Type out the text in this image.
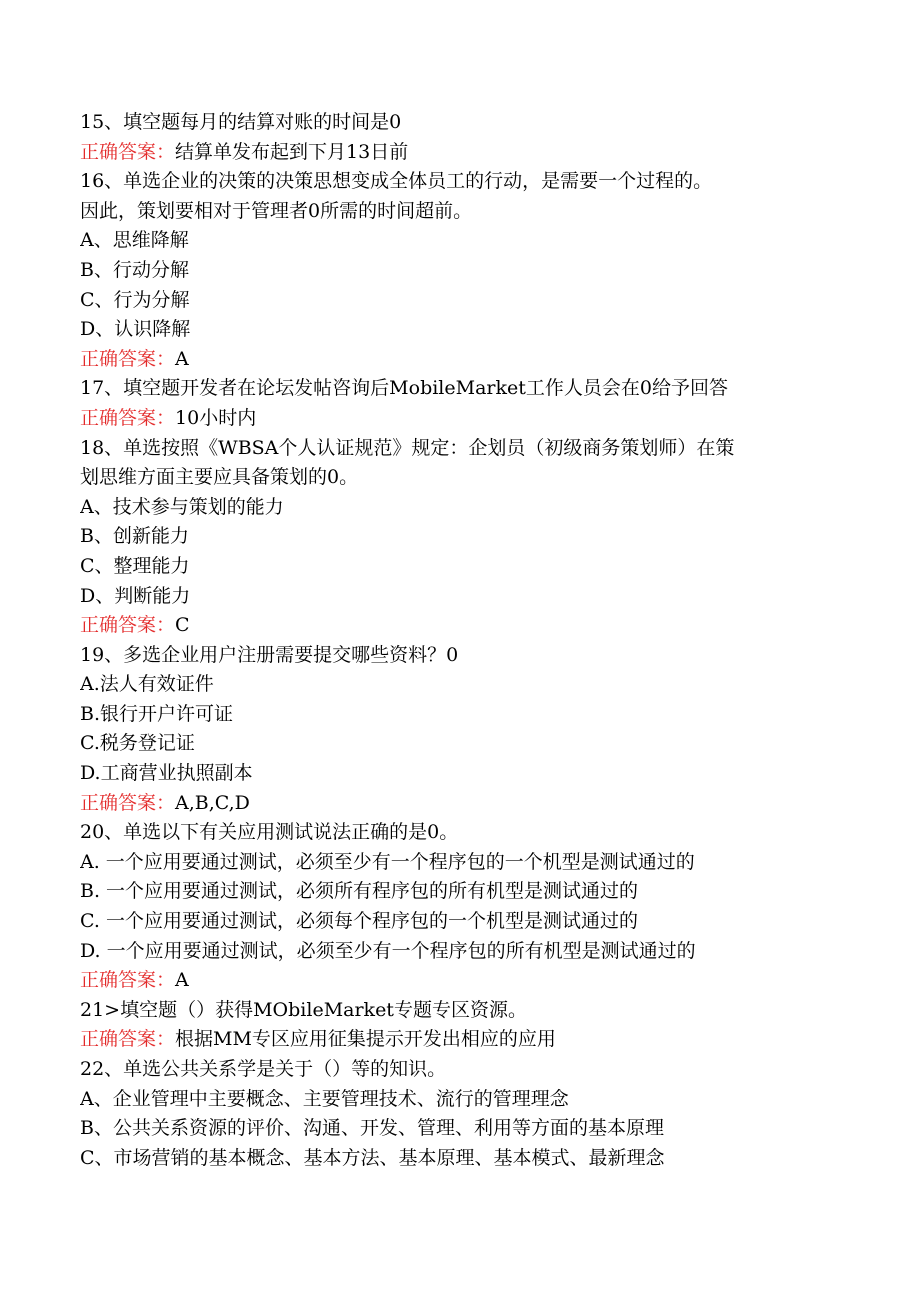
15、填空题每月的结算对账的时间是0
正确答案：结算单发布起到下月13日前
16、单选企业的决策的决策思想变成全体员工的行动，是需要一个过程的。
因此，策划要相对于管理者0所需的时间超前。
A、思维降解
B、行动分解
C、行为分解
D、认识降解
正确答案：A
17、填空题开发者在论坛发帖咨询后MobileMarket工作人员会在0给予回答
正确答案：10小时内
18、单选按照《WBSA个人认证规范》规定：企划员（初级商务策划师）在策
划思维方面主要应具备策划的0。
A、技术参与策划的能力
B、创新能力
C、整理能力
D、判断能力
正确答案：C
19、多选企业用户注册需要提交哪些资料？0
A.法人有效证件
B.银行开户许可证
C.税务登记证
D.工商营业执照副本
正确答案：A,B,C,D
20、单选以下有关应用测试说法正确的是0。
A. 一个应用要通过测试，必须至少有一个程序包的一个机型是测试通过的
B. 一个应用要通过测试，必须所有程序包的所有机型是测试通过的
C. 一个应用要通过测试，必须每个程序包的一个机型是测试通过的
D. 一个应用要通过测试，必须至少有一个程序包的所有机型是测试通过的
正确答案：A
21>填空题（）获得MObileMarket专题专区资源。
正确答案：根据MM专区应用征集提示开发出相应的应用
22、单选公共关系学是关于（）等的知识。
A、企业管理中主要概念、主要管理技术、流行的管理理念
B、公共关系资源的评价、沟通、开发、管理、利用等方面的基本原理
C、市场营销的基本概念、基本方法、基本原理、基本模式、最新理念
